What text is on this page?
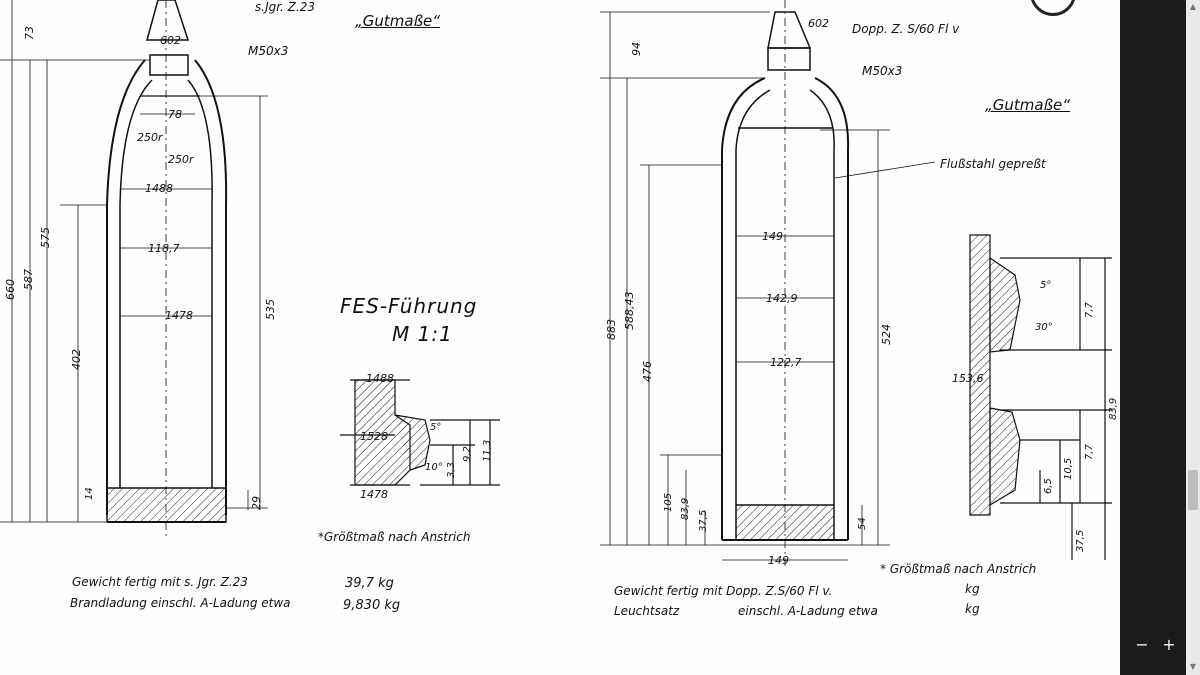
s.Jgr. Z.23
602
M50x3
„Gutmaße“
78
250r
250r
1488
118,7
1478
73
660 587
575
402
535
29
14
Gewicht fertig mit s. Jgr. Z.23	39,7 kg
Brandladung einschl. A-Ladung etwa	9,830 kg
FES-Führung
M 1:1
1488
1528
1478
5°
10°
9,2 11,3
3,3
*Größtmaß nach Anstrich
Dopp. Z. S/60 Fl v
602
M50x3
„Gutmaße“
Flußstahl gepreßt
149
142,9
122,7
149
94
883 588,43
476
524
105 83,9
37,5	54
* Größtmaß nach Anstrich
Gewicht fertig mit Dopp. Z.S/60 Fl v.	kg
Leuchtsatz	einschl. A-Ladung etwa	kg
153,6
7,7
83,9
7,7
10,5
6,5
37,5
5°
30°
▲
▼
− +
